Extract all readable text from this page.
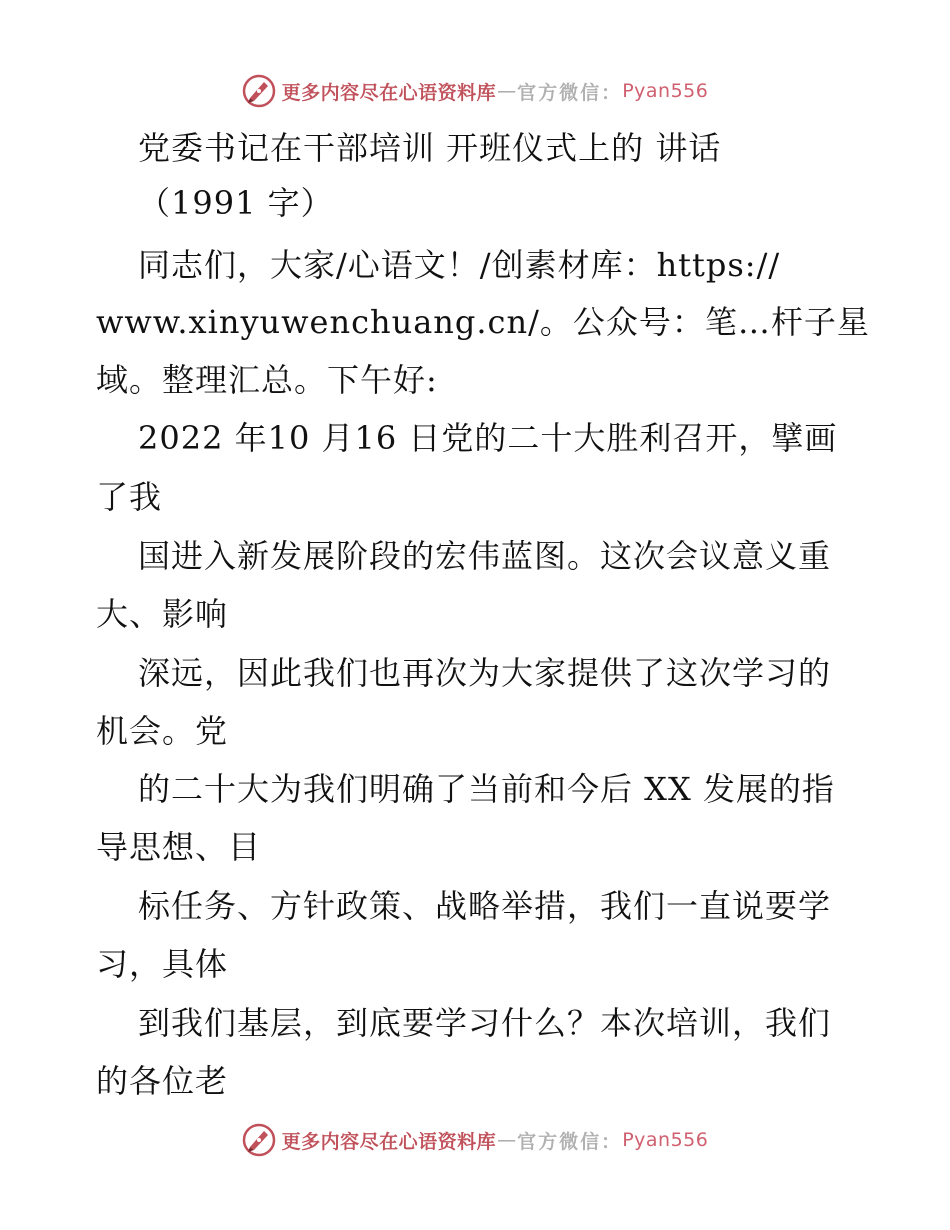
更多内容尽在心语资料库 — 官方微信： Pyan556
党委书记在干部培训 开班仪式上的 讲话
（1991 字）
同志们，大家/心语文！/创素材库：https://
www.xinyuwenchuang.cn/。公众号：笔…杆子星
域。整理汇总。下午好:
2022 年10 月16 日党的二十大胜利召开，擘画
了我
国进入新发展阶段的宏伟蓝图。这次会议意义重
大、影响
深远，因此我们也再次为大家提供了这次学习的
机会。党
的二十大为我们明确了当前和今后 XX 发展的指
导思想、目
标任务、方针政策、战略举措，我们一直说要学
习，具体
到我们基层，到底要学习什么？本次培训，我们
的各位老
更多内容尽在心语资料库 — 官方微信： Pyan556
